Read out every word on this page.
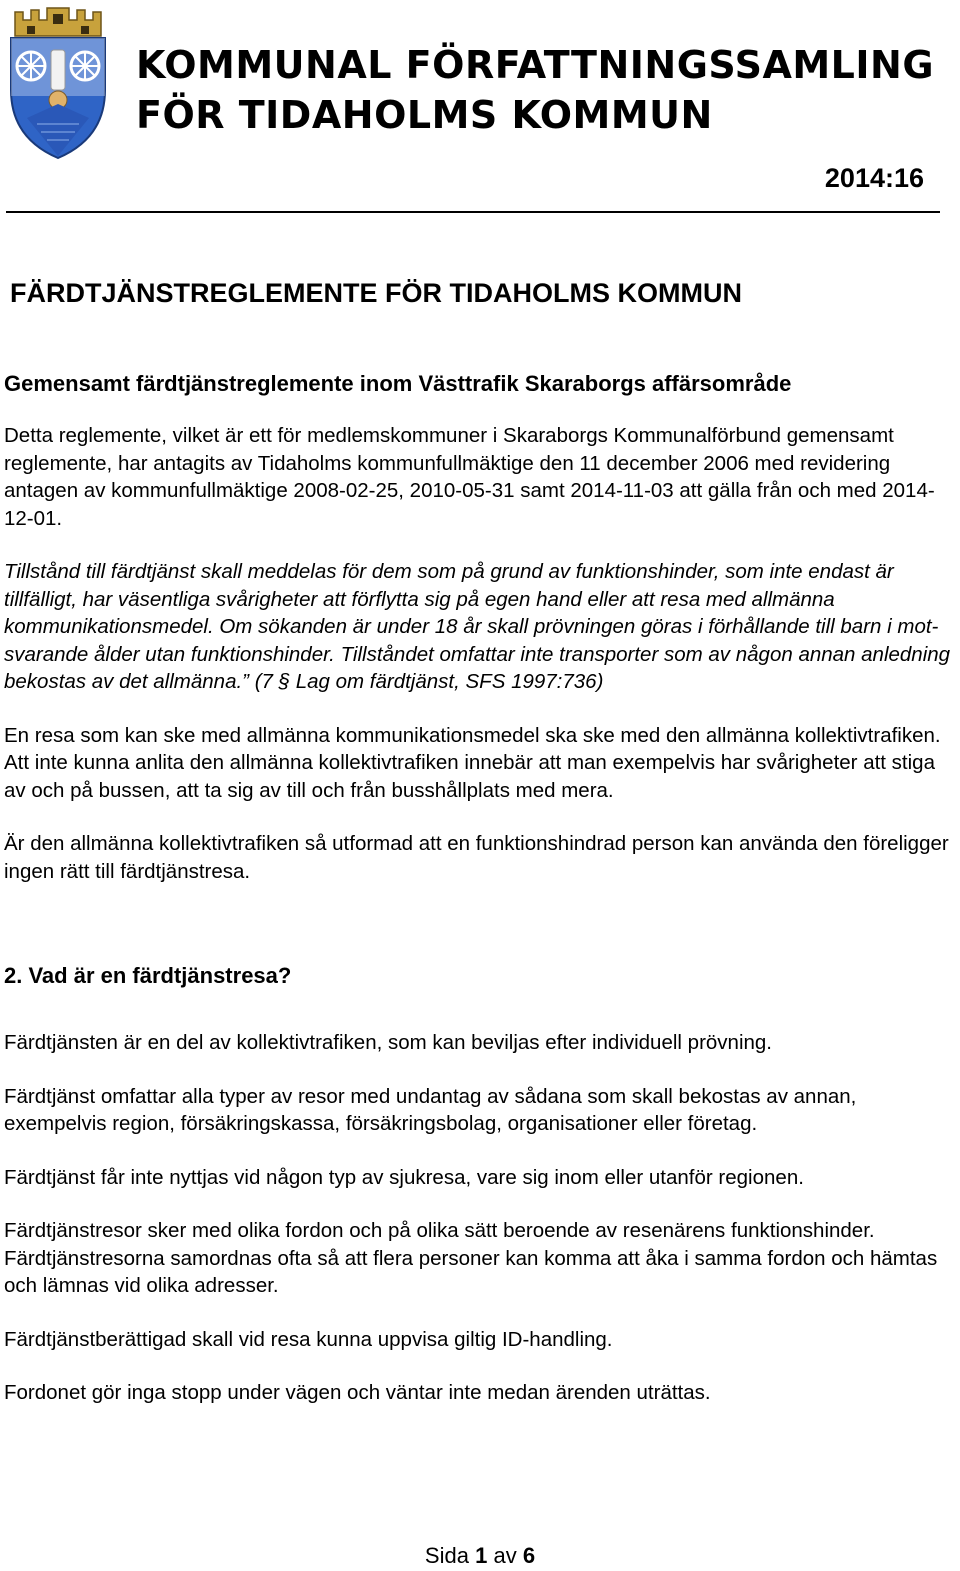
KOMMUNAL FÖRFATTNINGSSAMLING
FÖR TIDAHOLMS KOMMUN

2014:16

FÄRDTJÄNSTREGLEMENTE FÖR TIDAHOLMS KOMMUN

Gemensamt färdtjänstreglemente inom Västtrafik Skaraborgs affärsområde

Detta reglemente, vilket är ett för medlemskommuner i Skaraborgs Kommunalförbund gemensamt reglemente, har antagits av Tidaholms kommunfullmäktige den 11 december 2006 med revidering antagen av kommunfullmäktige 2008-02-25, 2010-05-31 samt 2014-11-03 att gälla från och med 2014-12-01.

Tillstånd till färdtjänst skall meddelas för dem som på grund av funktionshinder, som inte endast är tillfälligt, har väsentliga svårigheter att förflytta sig på egen hand eller att resa med allmänna kommunikationsmedel. Om sökanden är under 18 år skall prövningen göras i förhållande till barn i mot-svarande ålder utan funktionshinder. Tillståndet omfattar inte transporter som av någon annan anledning bekostas av det allmänna.” (7 § Lag om färdtjänst, SFS 1997:736)

En resa som kan ske med allmänna kommunikationsmedel ska ske med den allmänna kollektivtrafiken. Att inte kunna anlita den allmänna kollektivtrafiken innebär att man exempelvis har svårigheter att stiga av och på bussen, att ta sig av till och från busshållplats med mera.

Är den allmänna kollektivtrafiken så utformad att en funktionshindrad person kan använda den föreligger ingen rätt till färdtjänstresa.

2. Vad är en färdtjänstresa?

Färdtjänsten är en del av kollektivtrafiken, som kan beviljas efter individuell prövning.

Färdtjänst omfattar alla typer av resor med undantag av sådana som skall bekostas av annan, exempelvis region, försäkringskassa, försäkringsbolag, organisationer eller företag.

Färdtjänst får inte nyttjas vid någon typ av sjukresa, vare sig inom eller utanför regionen.

Färdtjänstresor sker med olika fordon och på olika sätt beroende av resenärens funktionshinder. Färdtjänstresorna samordnas ofta så att flera personer kan komma att åka i samma fordon och hämtas och lämnas vid olika adresser.

Färdtjänstberättigad skall vid resa kunna uppvisa giltig ID-handling.

Fordonet gör inga stopp under vägen och väntar inte medan ärenden uträttas.

Sida 1 av 6
